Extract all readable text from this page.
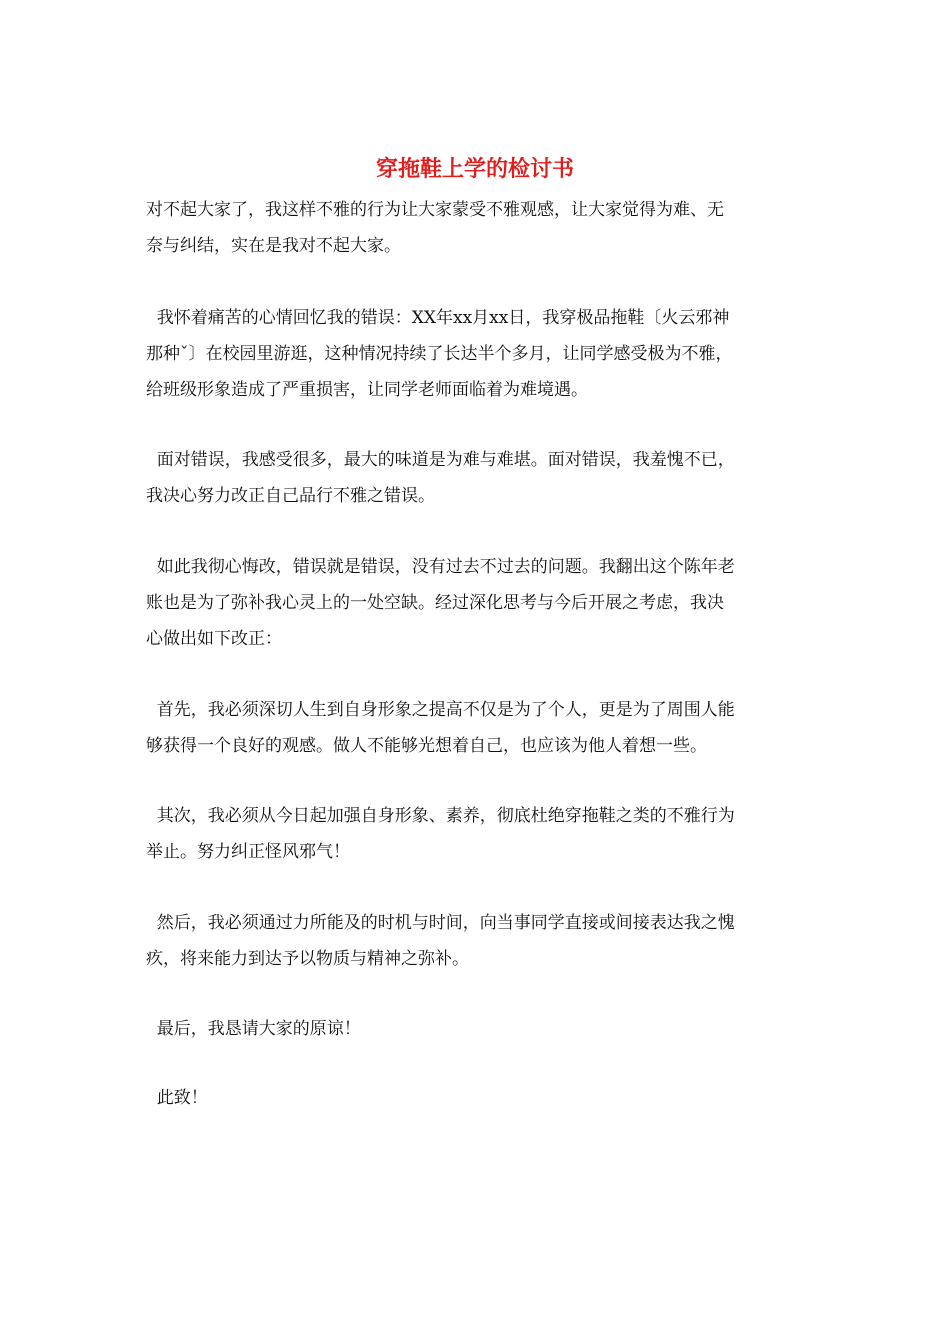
穿拖鞋上学的检讨书

对不起大家了，我这样不雅的行为让大家蒙受不雅观感，让大家觉得为难、无
奈与纠结，实在是我对不起大家。

我怀着痛苦的心情回忆我的错误：XX年xx月xx日，我穿极品拖鞋〔火云邪神
那种ˇ〕在校园里游逛，这种情况持续了长达半个多月，让同学感受极为不雅，
给班级形象造成了严重损害，让同学老师面临着为难境遇。

面对错误，我感受很多，最大的味道是为难与难堪。面对错误，我羞愧不已，
我决心努力改正自己品行不雅之错误。

如此我彻心悔改，错误就是错误，没有过去不过去的问题。我翻出这个陈年老
账也是为了弥补我心灵上的一处空缺。经过深化思考与今后开展之考虑，我决
心做出如下改正：

首先，我必须深切人生到自身形象之提高不仅是为了个人，更是为了周围人能
够获得一个良好的观感。做人不能够光想着自己，也应该为他人着想一些。

其次，我必须从今日起加强自身形象、素养，彻底杜绝穿拖鞋之类的不雅行为
举止。努力纠正怪风邪气！

然后，我必须通过力所能及的时机与时间，向当事同学直接或间接表达我之愧
疚，将来能力到达予以物质与精神之弥补。

最后，我恳请大家的原谅！

此致！
